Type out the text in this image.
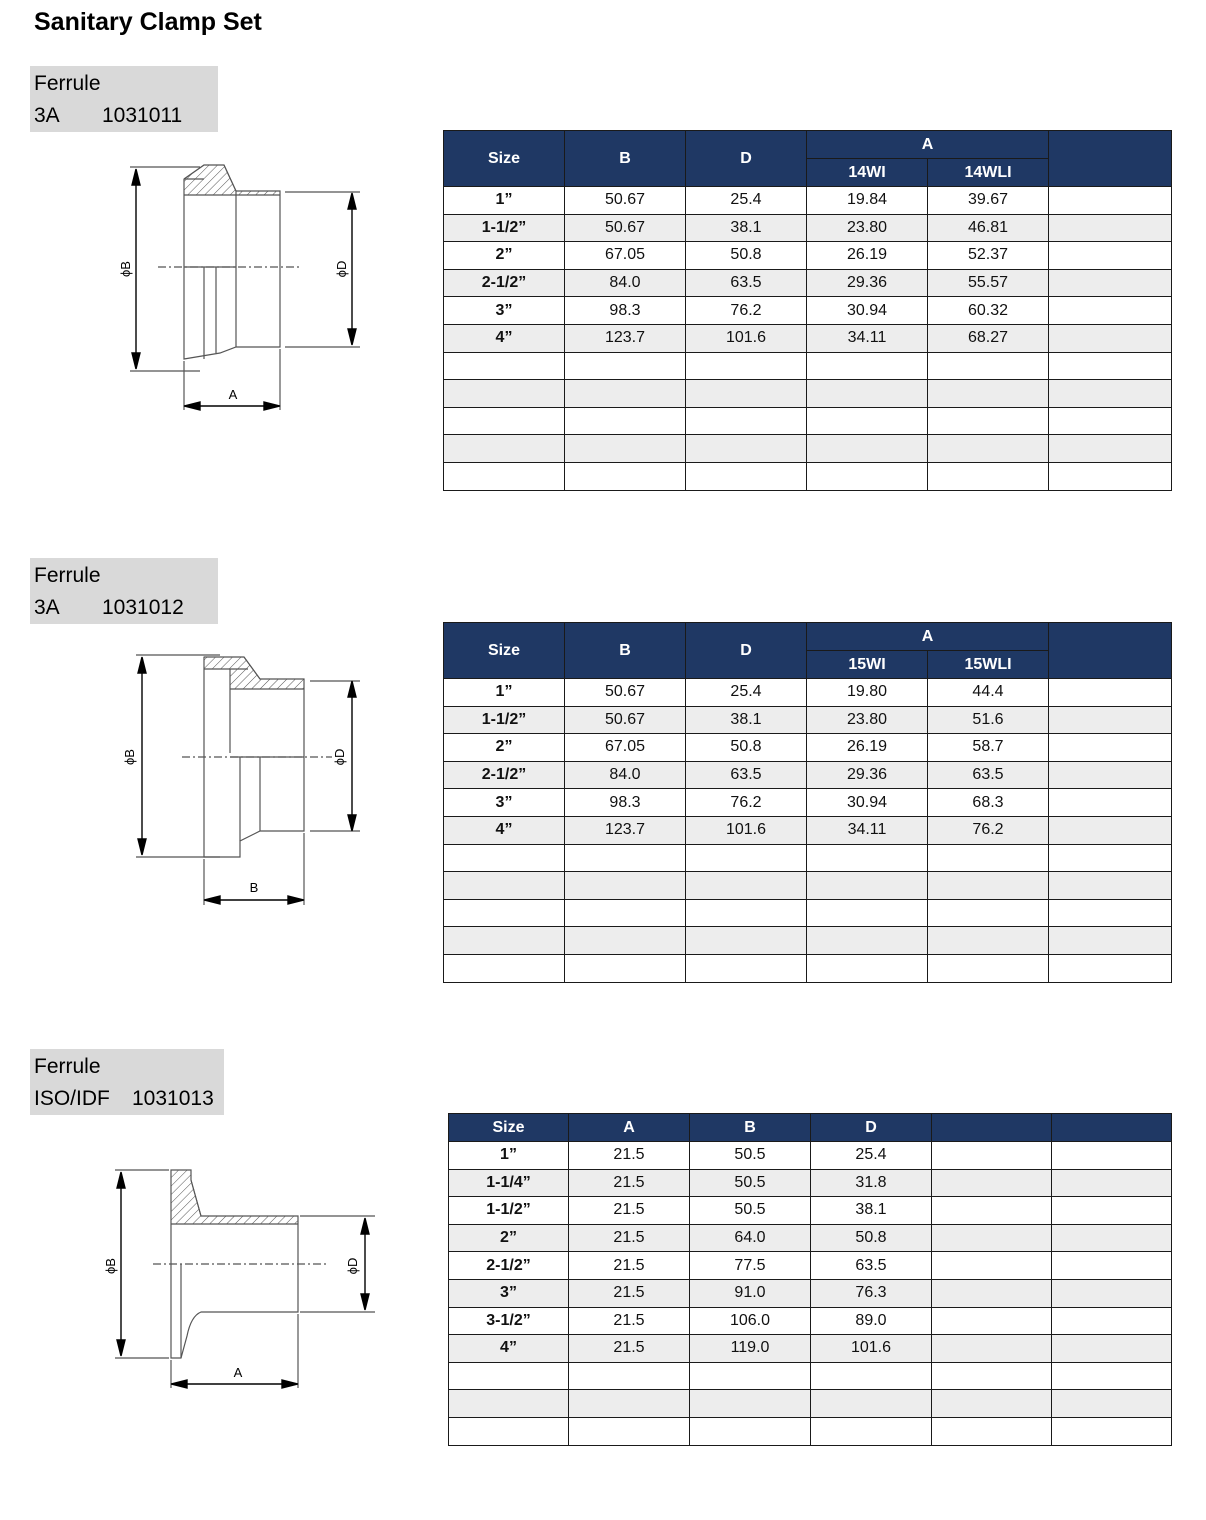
Sanitary Clamp Set
Ferrule
3A 1031011
ϕB	ϕD
A
Size	B	D	A		
			14WI	14WLI	
1”	50.67	25.4	19.84	39.67	
1-1/2”	50.67	38.1	23.80	46.81	
2”	67.05	50.8	26.19	52.37	
2-1/2”	84.0	63.5	29.36	55.57	
3”	98.3	76.2	30.94	60.32	
4”	123.7	101.6	34.11	68.27	

Ferrule
3A 1031012
ϕB	ϕD
B
Size	B	D	A		
			15WI	15WLI	
1”	50.67	25.4	19.80	44.4	
1-1/2”	50.67	38.1	23.80	51.6	
2”	67.05	50.8	26.19	58.7	
2-1/2”	84.0	63.5	29.36	63.5	
3”	98.3	76.2	30.94	68.3	
4”	123.7	101.6	34.11	76.2	

Ferrule
ISO/IDF 1031013
ϕB	ϕD
A
Size	A	B	D		
1”	21.5	50.5	25.4		
1-1/4”	21.5	50.5	31.8		
1-1/2”	21.5	50.5	38.1		
2”	21.5	64.0	50.8		
2-1/2”	21.5	77.5	63.5		
3”	21.5	91.0	76.3		
3-1/2”	21.5	106.0	89.0		
4”	21.5	119.0	101.6		
